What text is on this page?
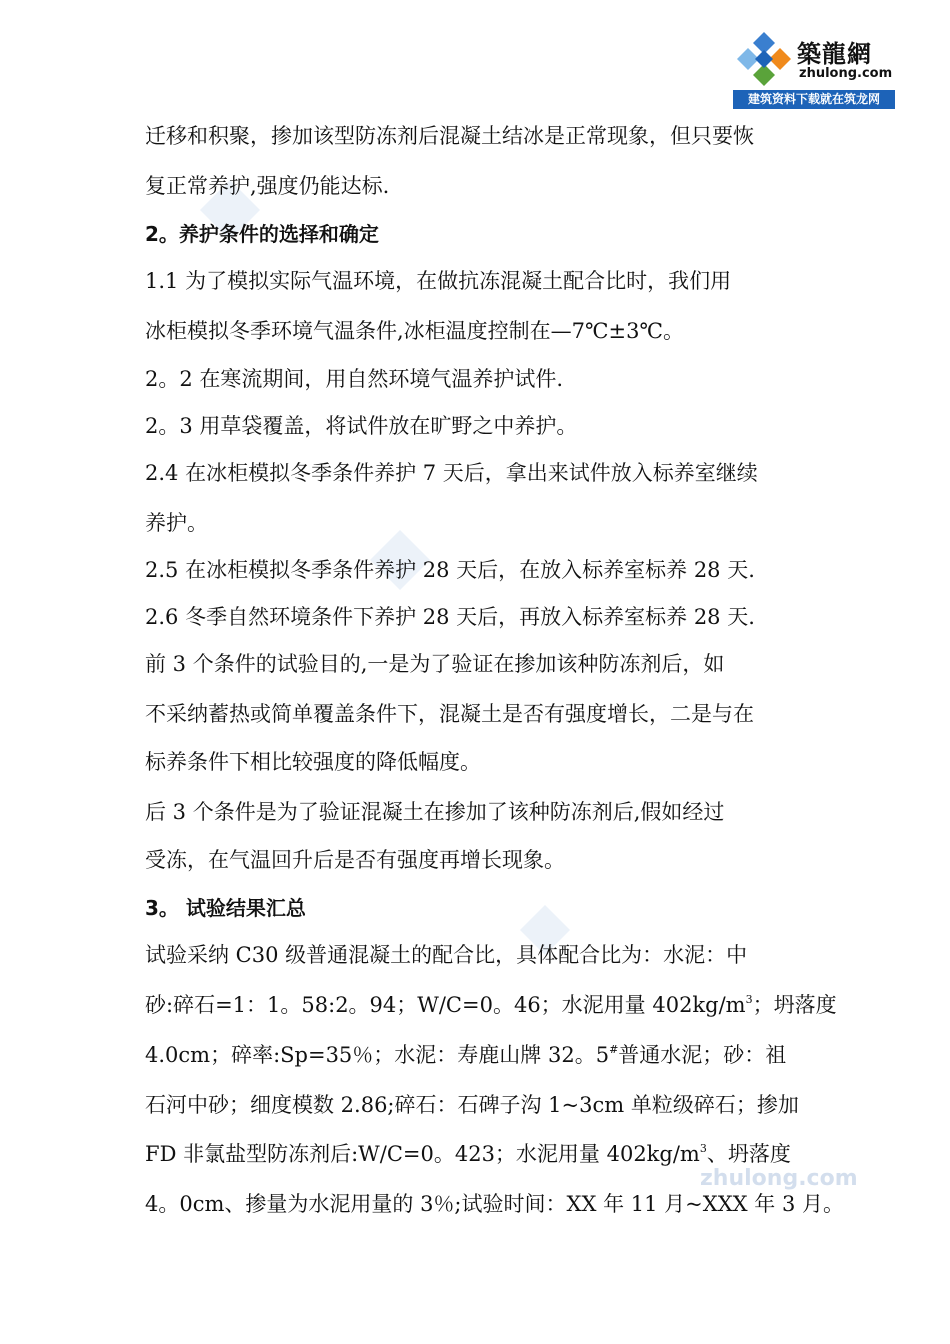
zhulong.com
築龍網
zhulong.com
建筑资料下载就在筑龙网
迁移和积聚，掺加该型防冻剂后混凝土结冰是正常现象，但只要恢
复正常养护,强度仍能达标.
2。养护条件的选择和确定
1.1 为了模拟实际气温环境，在做抗冻混凝土配合比时，我们用
冰柜模拟冬季环境气温条件,冰柜温度控制在—7℃±3℃。
2。2 在寒流期间，用自然环境气温养护试件.
2。3 用草袋覆盖，将试件放在旷野之中养护。
2.4 在冰柜模拟冬季条件养护 7 天后，拿出来试件放入标养室继续
养护。
2.5 在冰柜模拟冬季条件养护 28 天后，在放入标养室标养 28 天.
2.6 冬季自然环境条件下养护 28 天后，再放入标养室标养 28 天.
前 3 个条件的试验目的,一是为了验证在掺加该种防冻剂后，如
不采纳蓄热或简单覆盖条件下，混凝土是否有强度增长，二是与在
标养条件下相比较强度的降低幅度。
后 3 个条件是为了验证混凝土在掺加了该种防冻剂后,假如经过
受冻，在气温回升后是否有强度再增长现象。
3。 试验结果汇总
试验采纳 C30 级普通混凝土的配合比，具体配合比为：水泥：中
砂:碎石=1：1。58:2。94；W/C=0。46；水泥用量 $402kg/m^3$；坍落度
4.0cm；碎率:Sp=35％；水泥：寿鹿山牌 32。5#普通水泥；砂：祖
石河中砂；细度模数 2.86;碎石：石碑子沟 1~3cm 单粒级碎石；掺加
FD 非氯盐型防冻剂后:W/C=0。423；水泥用量 $402kg/m^3$、坍落度
4。0cm、掺量为水泥用量的 3％;试验时间：XX 年 11 月~XXX 年 3 月。
